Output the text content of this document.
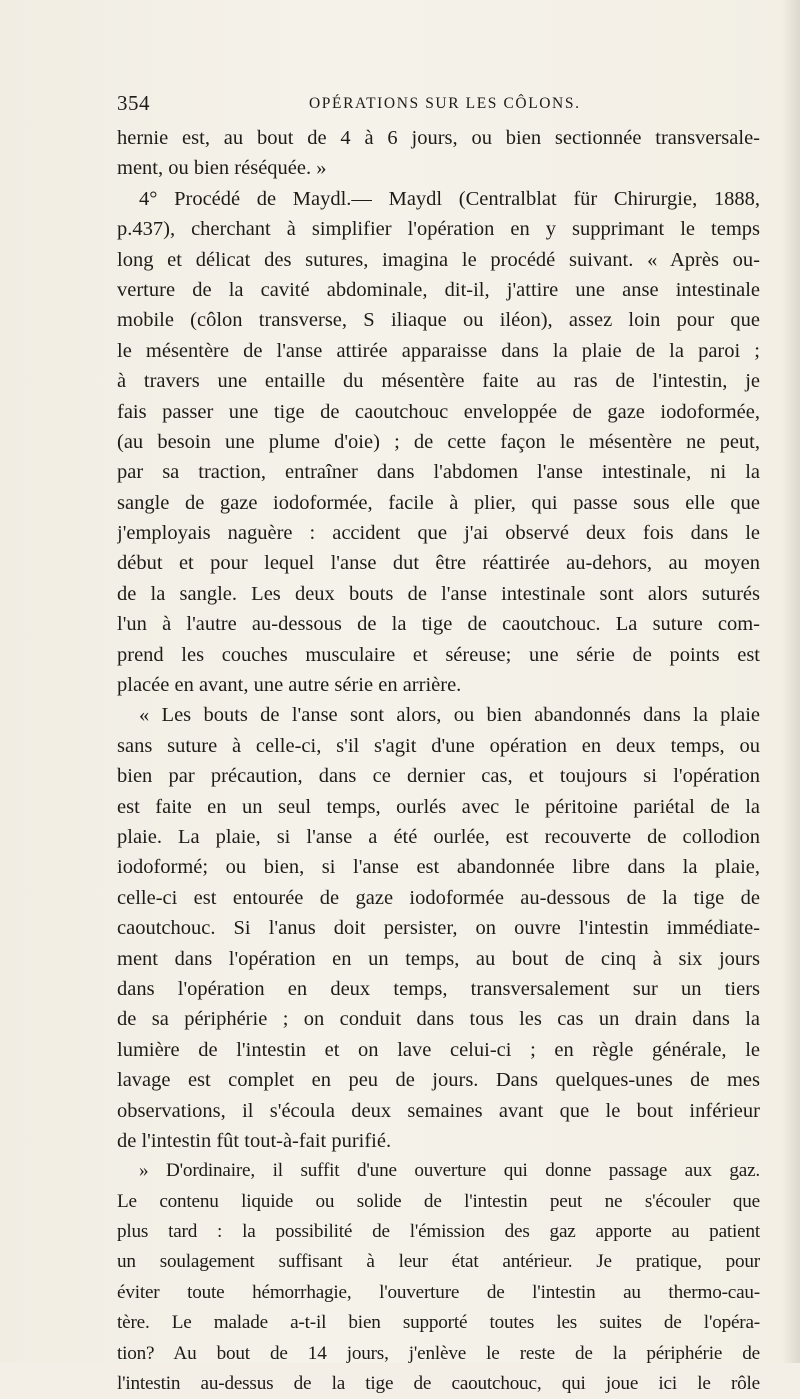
354	OPÉRATIONS SUR LES CÔLONS.
hernie est, au bout de 4 à 6 jours, ou bien sectionnée transversale-
ment, ou bien réséquée. »
4° Procédé de Maydl.— Maydl (Centralblat für Chirurgie, 1888,
p.437), cherchant à simplifier l'opération en y supprimant le temps
long et délicat des sutures, imagina le procédé suivant. « Après ou-
verture de la cavité abdominale, dit-il, j'attire une anse intestinale
mobile (côlon transverse, S iliaque ou iléon), assez loin pour que
le mésentère de l'anse attirée apparaisse dans la plaie de la paroi ;
à travers une entaille du mésentère faite au ras de l'intestin, je
fais passer une tige de caoutchouc enveloppée de gaze iodoformée,
(au besoin une plume d'oie) ; de cette façon le mésentère ne peut,
par sa traction, entraîner dans l'abdomen l'anse intestinale, ni la
sangle de gaze iodoformée, facile à plier, qui passe sous elle que
j'employais naguère : accident que j'ai observé deux fois dans le
début et pour lequel l'anse dut être réattirée au-dehors, au moyen
de la sangle. Les deux bouts de l'anse intestinale sont alors suturés
l'un à l'autre au-dessous de la tige de caoutchouc. La suture com-
prend les couches musculaire et séreuse; une série de points est
placée en avant, une autre série en arrière.
« Les bouts de l'anse sont alors, ou bien abandonnés dans la plaie
sans suture à celle-ci, s'il s'agit d'une opération en deux temps, ou
bien par précaution, dans ce dernier cas, et toujours si l'opération
est faite en un seul temps, ourlés avec le péritoine pariétal de la
plaie. La plaie, si l'anse a été ourlée, est recouverte de collodion
iodoformé; ou bien, si l'anse est abandonnée libre dans la plaie,
celle-ci est entourée de gaze iodoformée au-dessous de la tige de
caoutchouc. Si l'anus doit persister, on ouvre l'intestin immédiate-
ment dans l'opération en un temps, au bout de cinq à six jours
dans l'opération en deux temps, transversalement sur un tiers
de sa périphérie ; on conduit dans tous les cas un drain dans la
lumière de l'intestin et on lave celui-ci ; en règle générale, le
lavage est complet en peu de jours. Dans quelques-unes de mes
observations, il s'écoula deux semaines avant que le bout inférieur
de l'intestin fût tout-à-fait purifié.
» D'ordinaire, il suffit d'une ouverture qui donne passage aux gaz.
Le contenu liquide ou solide de l'intestin peut ne s'écouler que
plus tard : la possibilité de l'émission des gaz apporte au patient
un soulagement suffisant à leur état antérieur. Je pratique, pour
éviter toute hémorrhagie, l'ouverture de l'intestin au thermo-cau-
tère. Le malade a-t-il bien supporté toutes les suites de l'opéra-
tion? Au bout de 14 jours, j'enlève le reste de la périphérie de
l'intestin au-dessus de la tige de caoutchouc, qui joue ici le rôle
